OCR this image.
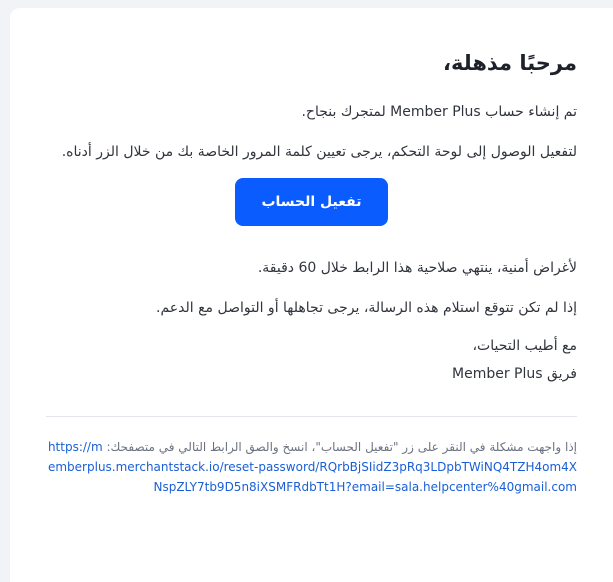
مرحبًا مذهلة،

تم إنشاء حساب Member Plus لمتجرك بنجاح.

لتفعيل الوصول إلى لوحة التحكم، يرجى تعيين كلمة المرور الخاصة بك من خلال الزر أدناه.

تفعيل الحساب

لأغراض أمنية، ينتهي صلاحية هذا الرابط خلال 60 دقيقة.

إذا لم تكن تتوقع استلام هذه الرسالة، يرجى تجاهلها أو التواصل مع الدعم.

مع أطيب التحيات،

فريق Member Plus

إذا واجهت مشكلة في النقر على زر "تفعيل الحساب"، انسخ والصق الرابط التالي في متصفحك: https://memberplus.merchantstack.io/reset-password/RQrbBjSIidZ3pRq3LDpbTWiNQ4TZH4om4XNspZLY7tb9D5n8iXSMFRdbTt1H?email=sala.helpcenter%40gmail.com
